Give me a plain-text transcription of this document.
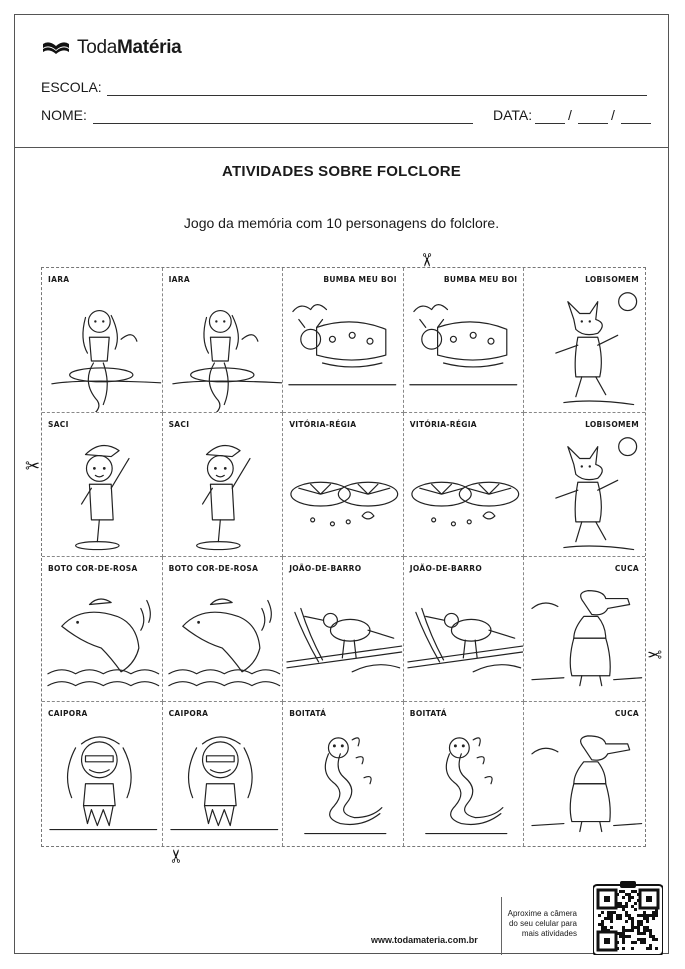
TodaMatéria
ESCOLA:
NOME:	DATA:	/	/
ATIVIDADES SOBRE FOLCLORE
Jogo da memória com 10 personagens do folclore.
IARA	IARA	BUMBA MEU BOI	BUMBA MEU BOI	LOBISOMEM
SACI	SACI	VITÓRIA-RÉGIA	VITÓRIA-RÉGIA	LOBISOMEM
BOTO COR-DE-ROSA	BOTO COR-DE-ROSA	JOÃO-DE-BARRO	JOÃO-DE-BARRO	CUCA
CAIPORA	CAIPORA	BOITATÁ	BOITATÁ	CUCA
✂
✂
✂
✂
www.todamateria.com.br
Aproxime a câmera do seu celular para mais atividades
